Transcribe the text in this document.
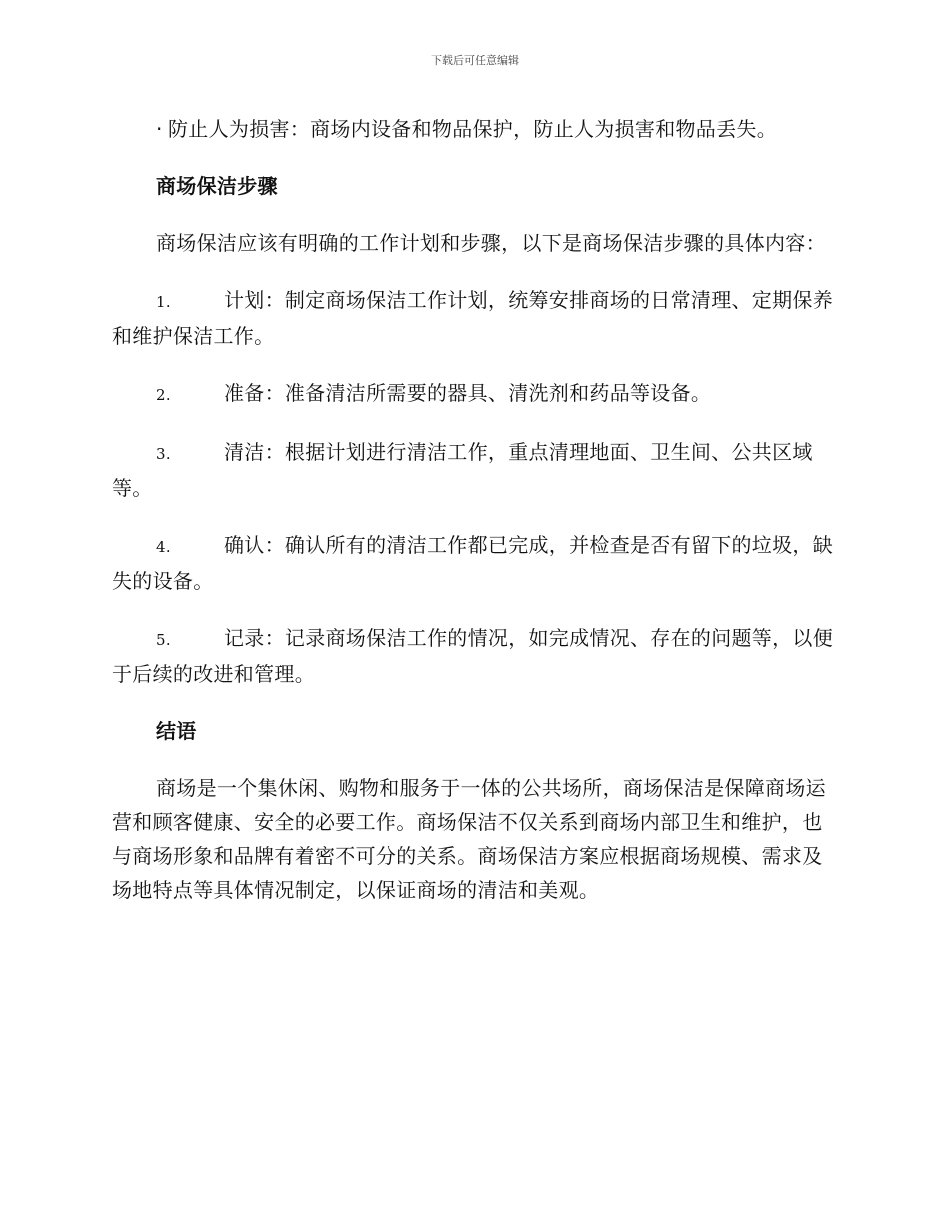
下载后可任意编辑

· 防止人为损害：商场内设备和物品保护，防止人为损害和物品丢失。

商场保洁步骤

商场保洁应该有明确的工作计划和步骤，以下是商场保洁步骤的具体内容：

1.	计划：制定商场保洁工作计划，统筹安排商场的日常清理、定期保养和维护保洁工作。

2.	准备：准备清洁所需要的器具、清洗剂和药品等设备。

3.	清洁：根据计划进行清洁工作，重点清理地面、卫生间、公共区域等。

4.	确认：确认所有的清洁工作都已完成，并检查是否有留下的垃圾，缺失的设备。

5.	记录：记录商场保洁工作的情况，如完成情况、存在的问题等，以便于后续的改进和管理。

结语

商场是一个集休闲、购物和服务于一体的公共场所，商场保洁是保障商场运营和顾客健康、安全的必要工作。商场保洁不仅关系到商场内部卫生和维护，也与商场形象和品牌有着密不可分的关系。商场保洁方案应根据商场规模、需求及场地特点等具体情况制定，以保证商场的清洁和美观。
